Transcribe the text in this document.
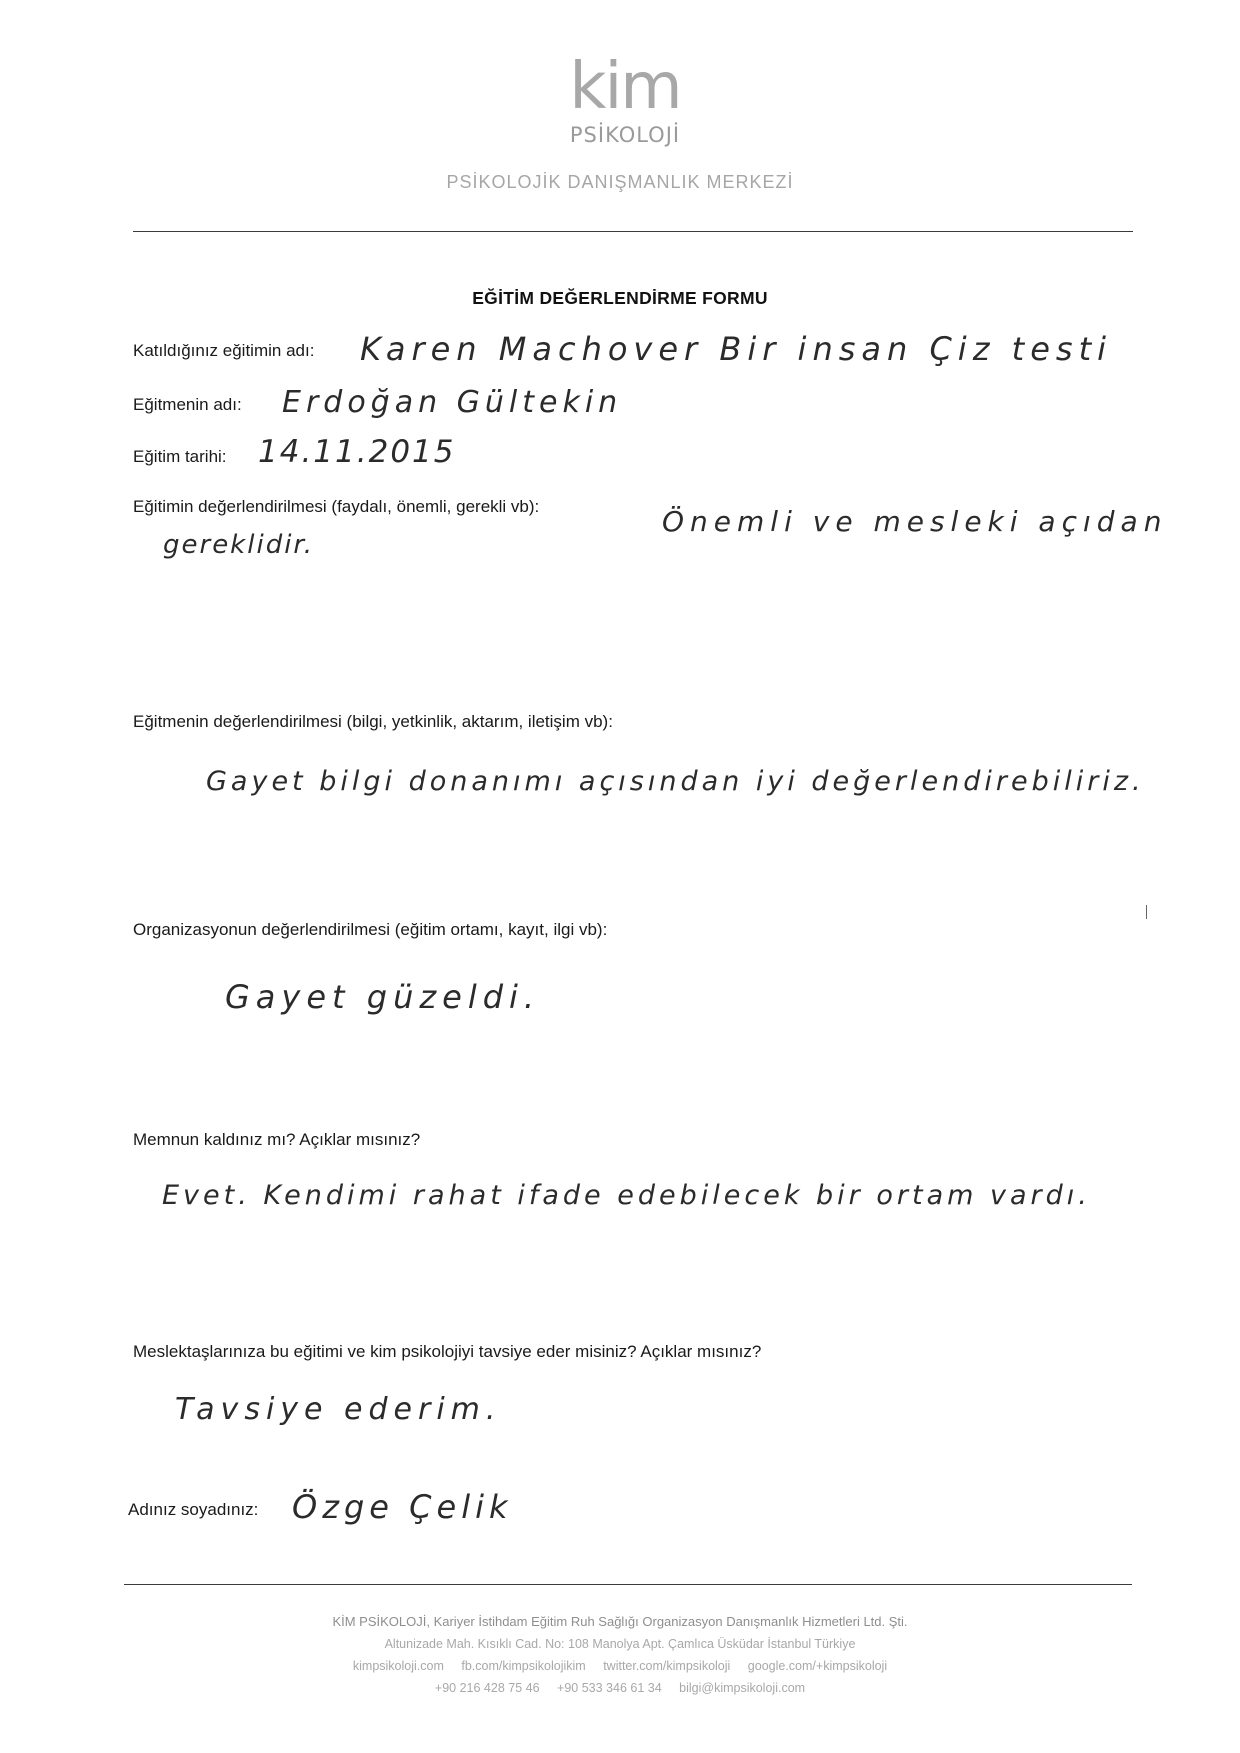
kim
PSİKOLOJİ
PSİKOLOJİK DANIŞMANLIK MERKEZİ
EĞİTİM DEĞERLENDİRME FORMU
Katıldığınız eğitimin adı: Karen Machover Bir insan Çiz testi
Eğitmenin adı: Erdoğan Gültekin
Eğitim tarihi: 14.11.2015
Eğitimin değerlendirilmesi (faydalı, önemli, gerekli vb):	Önemli ve mesleki açıdan
gereklidir.
Eğitmenin değerlendirilmesi (bilgi, yetkinlik, aktarım, iletişim vb):
Gayet bilgi donanımı açısından iyi değerlendirebiliriz.
Organizasyonun değerlendirilmesi (eğitim ortamı, kayıt, ilgi vb):
Gayet güzeldi.
Memnun kaldınız mı? Açıklar mısınız?
Evet. Kendimi rahat ifade edebilecek bir ortam vardı.
Meslektaşlarınıza bu eğitimi ve kim psikolojiyi tavsiye eder misiniz? Açıklar mısınız?
Tavsiye ederim.
Adınız soyadınız: Özge Çelik
KİM PSİKOLOJİ, Kariyer İstihdam Eğitim Ruh Sağlığı Organizasyon Danışmanlık Hizmetleri Ltd. Şti.
Altunizade Mah. Kısıklı Cad. No: 108 Manolya Apt. Çamlıca Üsküdar İstanbul Türkiye
kimpsikoloji.com fb.com/kimpsikolojikim twitter.com/kimpsikoloji google.com/+kimpsikoloji
+90 216 428 75 46 +90 533 346 61 34 bilgi@kimpsikoloji.com
